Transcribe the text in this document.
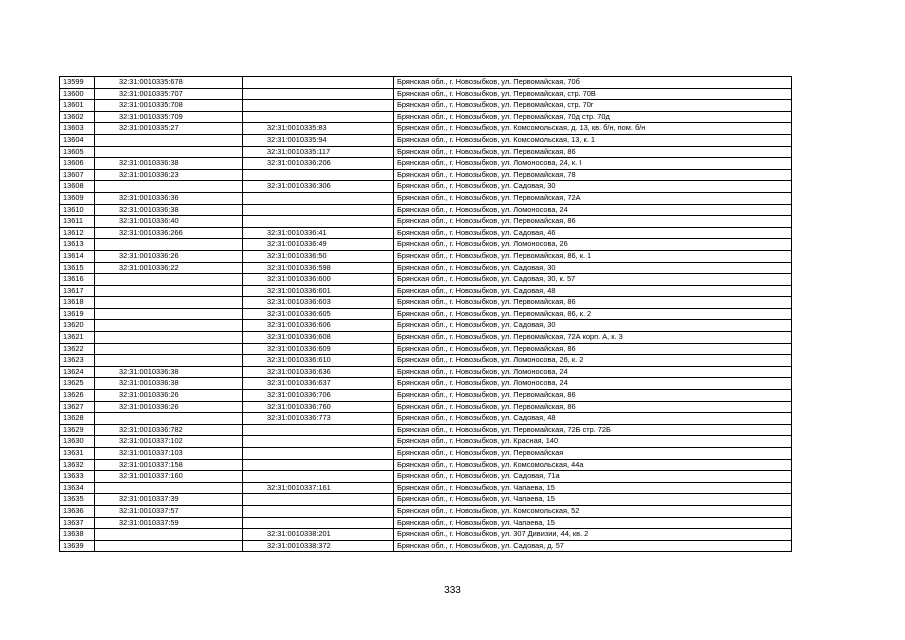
13599	32:31:0010335:678		Брянская обл., г. Новозыбков, ул. Первомайская, 70б
13600	32:31:0010335:707		Брянская обл., г. Новозыбков, ул. Первомайская, стр. 70В
13601	32:31:0010335:708		Брянская обл., г. Новозыбков, ул. Первомайская, стр. 70г
13602	32:31:0010335:709		Брянская обл., г. Новозыбков, ул. Первомайская, 70д стр. 70д
13603	32:31:0010335:27	32:31:0010335:83	Брянская обл., г. Новозыбков, ул. Комсомольская, д. 13, кв. б/н, пом. б/н
13604		32:31:0010335:94	Брянская обл., г. Новозыбков, ул. Комсомольская, 13, к. 1
13605		32:31:0010335:117	Брянская обл., г. Новозыбков, ул. Первомайская, 86
13606	32:31:0010336:38	32:31:0010336:206	Брянская обл., г. Новозыбков, ул. Ломоносова, 24, к. I
13607	32:31:0010336:23		Брянская обл., г. Новозыбков, ул. Первомайская, 78
13608		32:31:0010336:306	Брянская обл., г. Новозыбков, ул. Садовая, 30
13609	32:31:0010336:36		Брянская обл., г. Новозыбков, ул. Первомайская, 72А
13610	32:31:0010336:38		Брянская обл., г. Новозыбков, ул. Ломоносова, 24
13611	32:31:0010336:40		Брянская обл., г. Новозыбков, ул. Первомайская, 86
13612	32:31:0010336:266	32:31:0010336:41	Брянская обл., г. Новозыбков, ул. Садовая, 46
13613		32:31:0010336:49	Брянская обл., г. Новозыбков, ул. Ломоносова, 26
13614	32:31:0010336:26	32:31:0010336:50	Брянская обл., г. Новозыбков, ул. Первомайская, 86, к. 1
13615	32:31:0010336:22	32:31:0010336:598	Брянская обл., г. Новозыбков, ул. Садовая, 30
13616		32:31:0010336:600	Брянская обл., г. Новозыбков, ул. Садовая, 30, к. 57
13617		32:31:0010336:601	Брянская обл., г. Новозыбков, ул. Садовая, 48
13618		32:31:0010336:603	Брянская обл., г. Новозыбков, ул. Первомайская, 86
13619		32:31:0010336:605	Брянская обл., г. Новозыбков, ул. Первомайская, 86, к. 2
13620		32:31:0010336:606	Брянская обл., г. Новозыбков, ул. Садовая, 30
13621		32:31:0010336:608	Брянская обл., г. Новозыбков, ул. Первомайская, 72А корп. А, к. 3
13622		32:31:0010336:609	Брянская обл., г. Новозыбков, ул. Первомайская, 86
13623		32:31:0010336:610	Брянская обл., г. Новозыбков, ул. Ломоносова, 26, к. 2
13624	32:31:0010336:38	32:31:0010336:636	Брянская обл., г. Новозыбков, ул. Ломоносова, 24
13625	32:31:0010336:38	32:31:0010336:637	Брянская обл., г. Новозыбков, ул. Ломоносова, 24
13626	32:31:0010336:26	32:31:0010336:706	Брянская обл., г. Новозыбков, ул. Первомайская, 86
13627	32:31:0010336:26	32:31:0010336:760	Брянская обл., г. Новозыбков, ул. Первомайская, 86
13628		32:31:0010336:773	Брянская обл., г. Новозыбков, ул. Садовая, 48
13629	32:31:0010336:782		Брянская обл., г. Новозыбков, ул. Первомайская, 72Б стр. 72Б
13630	32:31:0010337:102		Брянская обл., г. Новозыбков, ул. Красная, 140
13631	32:31:0010337:103		Брянская обл., г. Новозыбков, ул. Первомайская
13632	32:31:0010337:158		Брянская обл., г. Новозыбков, ул. Комсомольская, 44а
13633	32:31:0010337:160		Брянская обл., г. Новозыбков, ул. Садовая, 71а
13634		32:31:0010337:161	Брянская обл., г. Новозыбков, ул. Чапаева, 15
13635	32:31:0010337:39		Брянская обл., г. Новозыбков, ул. Чапаева, 15
13636	32:31:0010337:57		Брянская обл., г. Новозыбков, ул. Комсомольская, 52
13637	32:31:0010337:59		Брянская обл., г. Новозыбков, ул. Чапаева, 15
13638		32:31:0010338:201	Брянская обл., г. Новозыбков, ул. 307 Дивизии, 44, кв. 2
13639		32:31:0010338:372	Брянская обл., г. Новозыбков, ул. Садовая, д. 57
333
